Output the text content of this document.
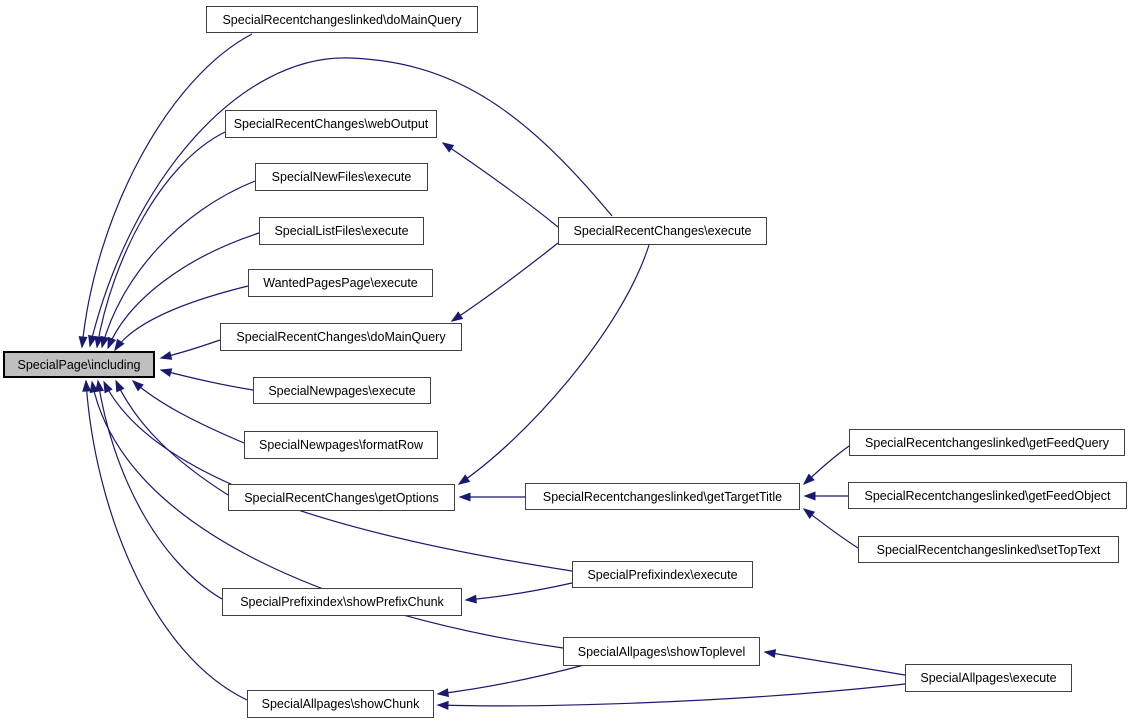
SpecialRecentchangeslinked\doMainQuery
SpecialRecentChanges\webOutput
SpecialNewFiles\execute
SpecialListFiles\execute
WantedPagesPage\execute
SpecialRecentChanges\doMainQuery
SpecialPage\including
SpecialNewpages\execute
SpecialNewpages\formatRow
SpecialRecentChanges\getOptions
SpecialRecentChanges\execute
SpecialRecentchangeslinked\getTargetTitle
SpecialRecentchangeslinked\getFeedQuery
SpecialRecentchangeslinked\getFeedObject
SpecialRecentchangeslinked\setTopText
SpecialPrefixindex\execute
SpecialPrefixindex\showPrefixChunk
SpecialAllpages\showToplevel
SpecialAllpages\showChunk
SpecialAllpages\execute
